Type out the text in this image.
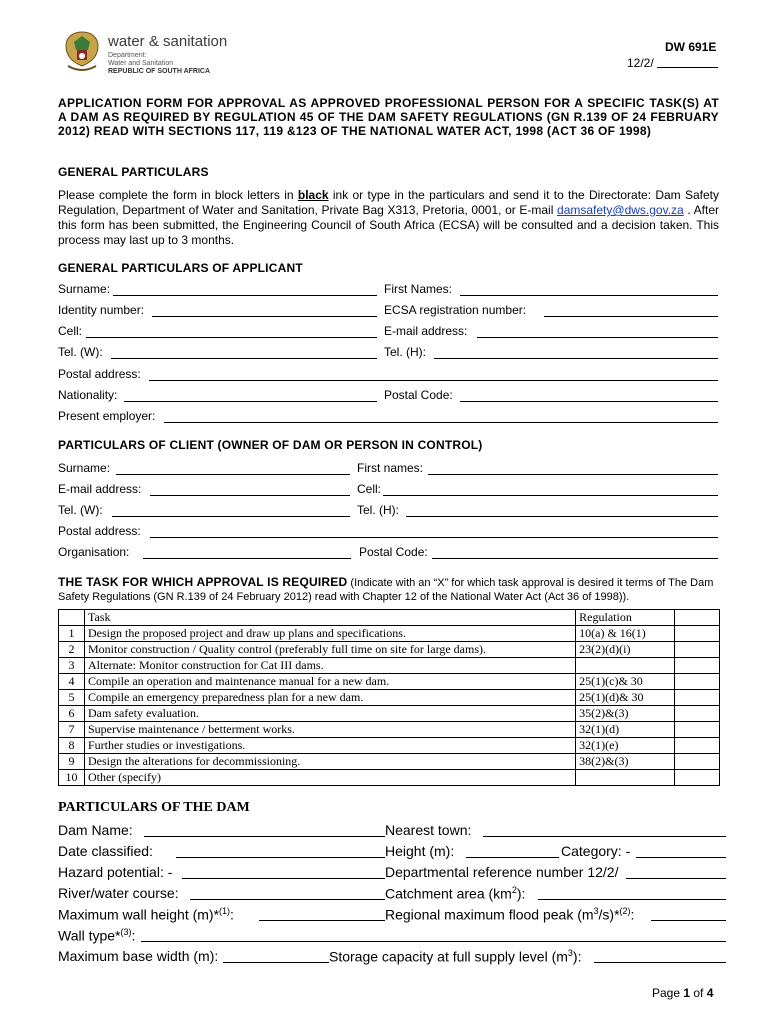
water & sanitation
Department:
Water and Sanitation
REPUBLIC OF SOUTH AFRICA
DW 691E
12/2/
APPLICATION FORM FOR APPROVAL AS APPROVED PROFESSIONAL PERSON FOR A SPECIFIC TASK(S) AT A DAM AS REQUIRED BY REGULATION 45 OF THE DAM SAFETY REGULATIONS (GN R.139 OF 24 FEBRUARY 2012) READ WITH SECTIONS 117, 119 &123 OF THE NATIONAL WATER ACT, 1998 (ACT 36 OF 1998)
GENERAL PARTICULARS
Please complete the form in block letters in black ink or type in the particulars and send it to the Directorate: Dam Safety Regulation, Department of Water and Sanitation, Private Bag X313, Pretoria, 0001, or E-mail damsafety@dws.gov.za . After this form has been submitted, the Engineering Council of South Africa (ECSA) will be consulted and a decision taken. This process may last up to 3 months.
GENERAL PARTICULARS OF APPLICANT
Surname:	First Names:
Identity number:	ECSA registration number:
Cell:	E-mail address:
Tel. (W):	Tel. (H):
Postal address:
Nationality:	Postal Code:
Present employer:
PARTICULARS OF CLIENT (OWNER OF DAM OR PERSON IN CONTROL)
Surname:	First names:
E-mail address:	Cell:
Tel. (W):	Tel. (H):
Postal address:
Organisation:	Postal Code:
THE TASK FOR WHICH APPROVAL IS REQUIRED (Indicate with an “X” for which task approval is desired it terms of The Dam Safety Regulations (GN R.139 of 24 February 2012) read with Chapter 12 of the National Water Act (Act 36 of 1998)).
	Task	Regulation	
1	Design the proposed project and draw up plans and specifications.	10(a) & 16(1)	
2	Monitor construction / Quality control (preferably full time on site for large dams).	23(2)(d)(i)	
3	Alternate: Monitor construction for Cat III dams.		
4	Compile an operation and maintenance manual for a new dam.	25(1)(c)& 30	
5	Compile an emergency preparedness plan for a new dam.	25(1)(d)& 30	
6	Dam safety evaluation.	35(2)&(3)	
7	Supervise maintenance / betterment works.	32(1)(d)	
8	Further studies or investigations.	32(1)(e)	
9	Design the alterations for decommissioning.	38(2)&(3)	
10	Other (specify)		
PARTICULARS OF THE DAM
Dam Name:	Nearest town:
Date classified:	Height (m):	Category: -
Hazard potential: -	Departmental reference number 12/2/
River/water course:	Catchment area $(km^2)$:
Maximum wall height (m)*$^{(1)}$:	Regional maximum flood peak $(m^3/s)*^{(2)}$:
Wall type*$^{(3)}$:
Maximum base width (m):	Storage capacity at full supply level $(m^3)$:
Page 1 of 4
